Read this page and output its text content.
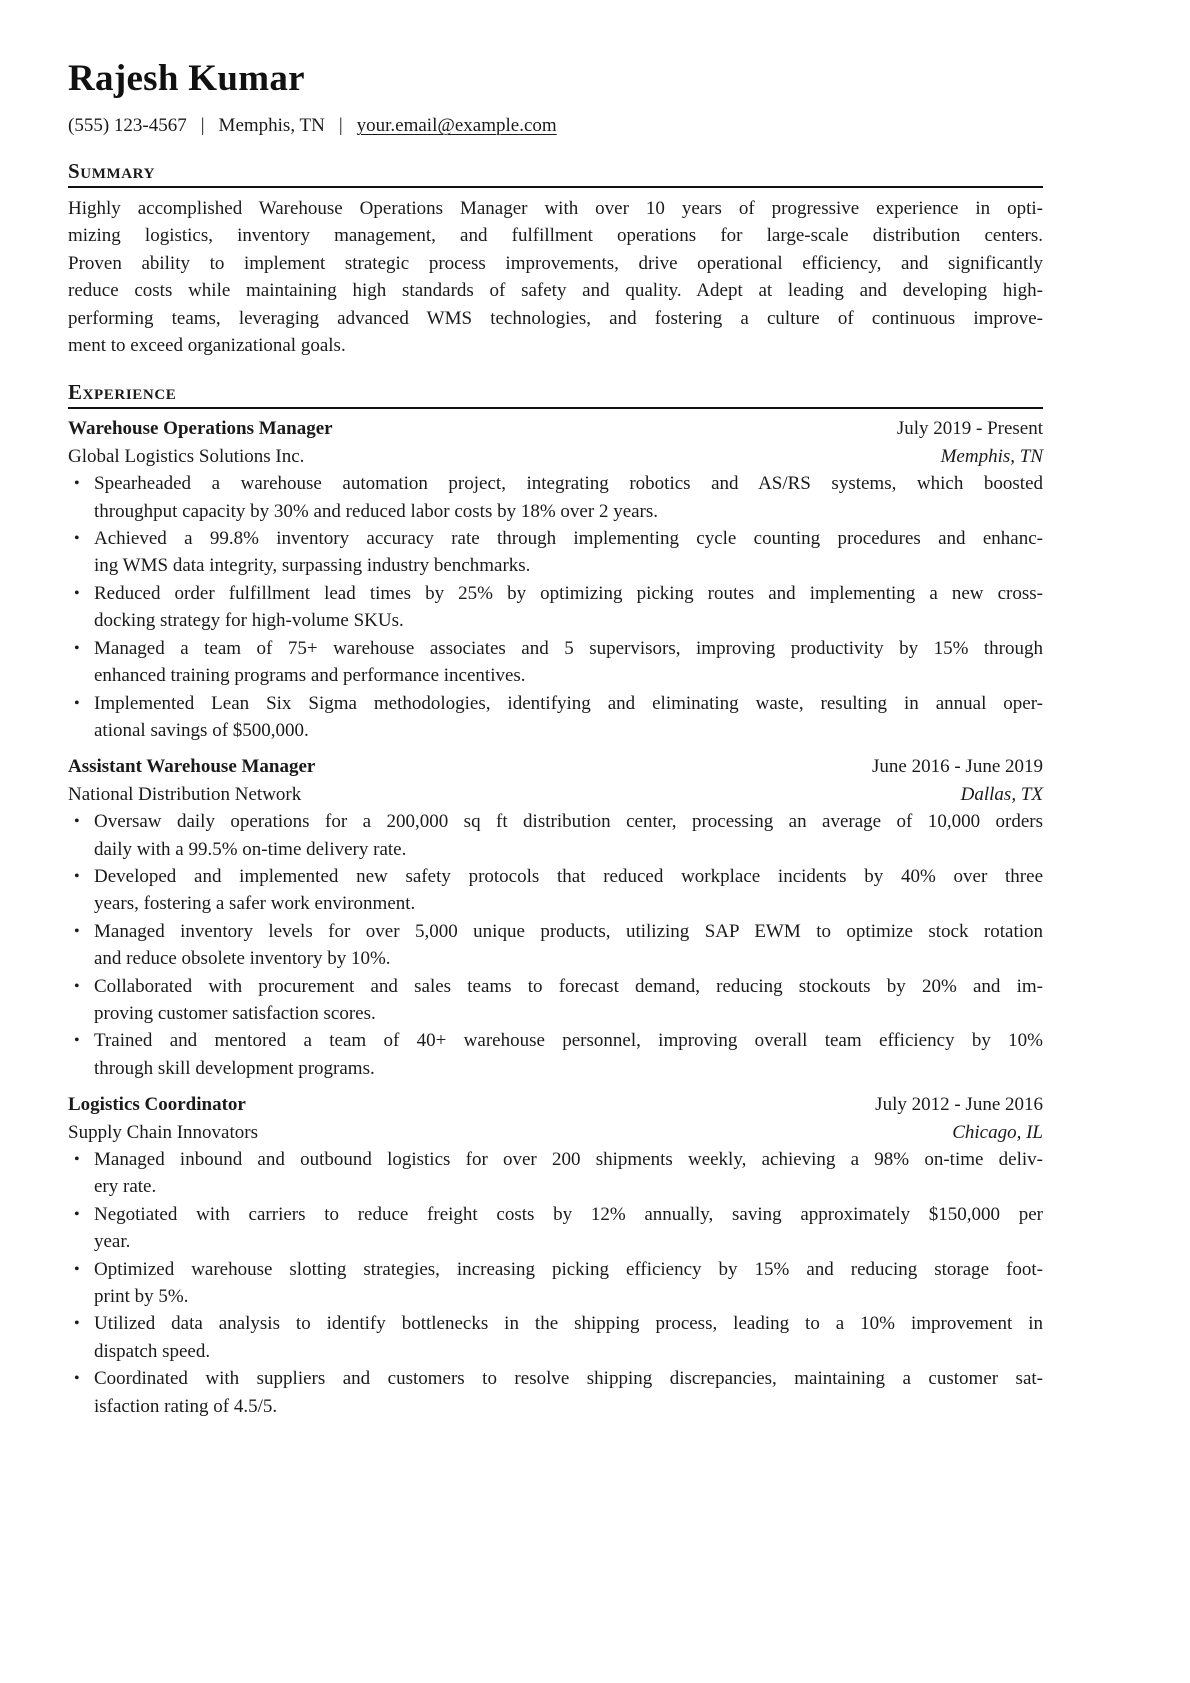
Rajesh Kumar
(555) 123-4567 | Memphis, TN | your.email@example.com
Summary
Highly accomplished Warehouse Operations Manager with over 10 years of progressive experience in opti-
mizing logistics, inventory management, and fulfillment operations for large-scale distribution centers.
Proven ability to implement strategic process improvements, drive operational efficiency, and significantly
reduce costs while maintaining high standards of safety and quality. Adept at leading and developing high-
performing teams, leveraging advanced WMS technologies, and fostering a culture of continuous improve-
ment to exceed organizational goals.
Experience
Warehouse Operations Manager	July 2019 - Present
Global Logistics Solutions Inc.	Memphis, TN
• Spearheaded a warehouse automation project, integrating robotics and AS/RS systems, which boosted
throughput capacity by 30% and reduced labor costs by 18% over 2 years.
• Achieved a 99.8% inventory accuracy rate through implementing cycle counting procedures and enhanc-
ing WMS data integrity, surpassing industry benchmarks.
• Reduced order fulfillment lead times by 25% by optimizing picking routes and implementing a new cross-
docking strategy for high-volume SKUs.
• Managed a team of 75+ warehouse associates and 5 supervisors, improving productivity by 15% through
enhanced training programs and performance incentives.
• Implemented Lean Six Sigma methodologies, identifying and eliminating waste, resulting in annual oper-
ational savings of $500,000.
Assistant Warehouse Manager	June 2016 - June 2019
National Distribution Network	Dallas, TX
• Oversaw daily operations for a 200,000 sq ft distribution center, processing an average of 10,000 orders
daily with a 99.5% on-time delivery rate.
• Developed and implemented new safety protocols that reduced workplace incidents by 40% over three
years, fostering a safer work environment.
• Managed inventory levels for over 5,000 unique products, utilizing SAP EWM to optimize stock rotation
and reduce obsolete inventory by 10%.
• Collaborated with procurement and sales teams to forecast demand, reducing stockouts by 20% and im-
proving customer satisfaction scores.
• Trained and mentored a team of 40+ warehouse personnel, improving overall team efficiency by 10%
through skill development programs.
Logistics Coordinator	July 2012 - June 2016
Supply Chain Innovators	Chicago, IL
• Managed inbound and outbound logistics for over 200 shipments weekly, achieving a 98% on-time deliv-
ery rate.
• Negotiated with carriers to reduce freight costs by 12% annually, saving approximately $150,000 per
year.
• Optimized warehouse slotting strategies, increasing picking efficiency by 15% and reducing storage foot-
print by 5%.
• Utilized data analysis to identify bottlenecks in the shipping process, leading to a 10% improvement in
dispatch speed.
• Coordinated with suppliers and customers to resolve shipping discrepancies, maintaining a customer sat-
isfaction rating of 4.5/5.
